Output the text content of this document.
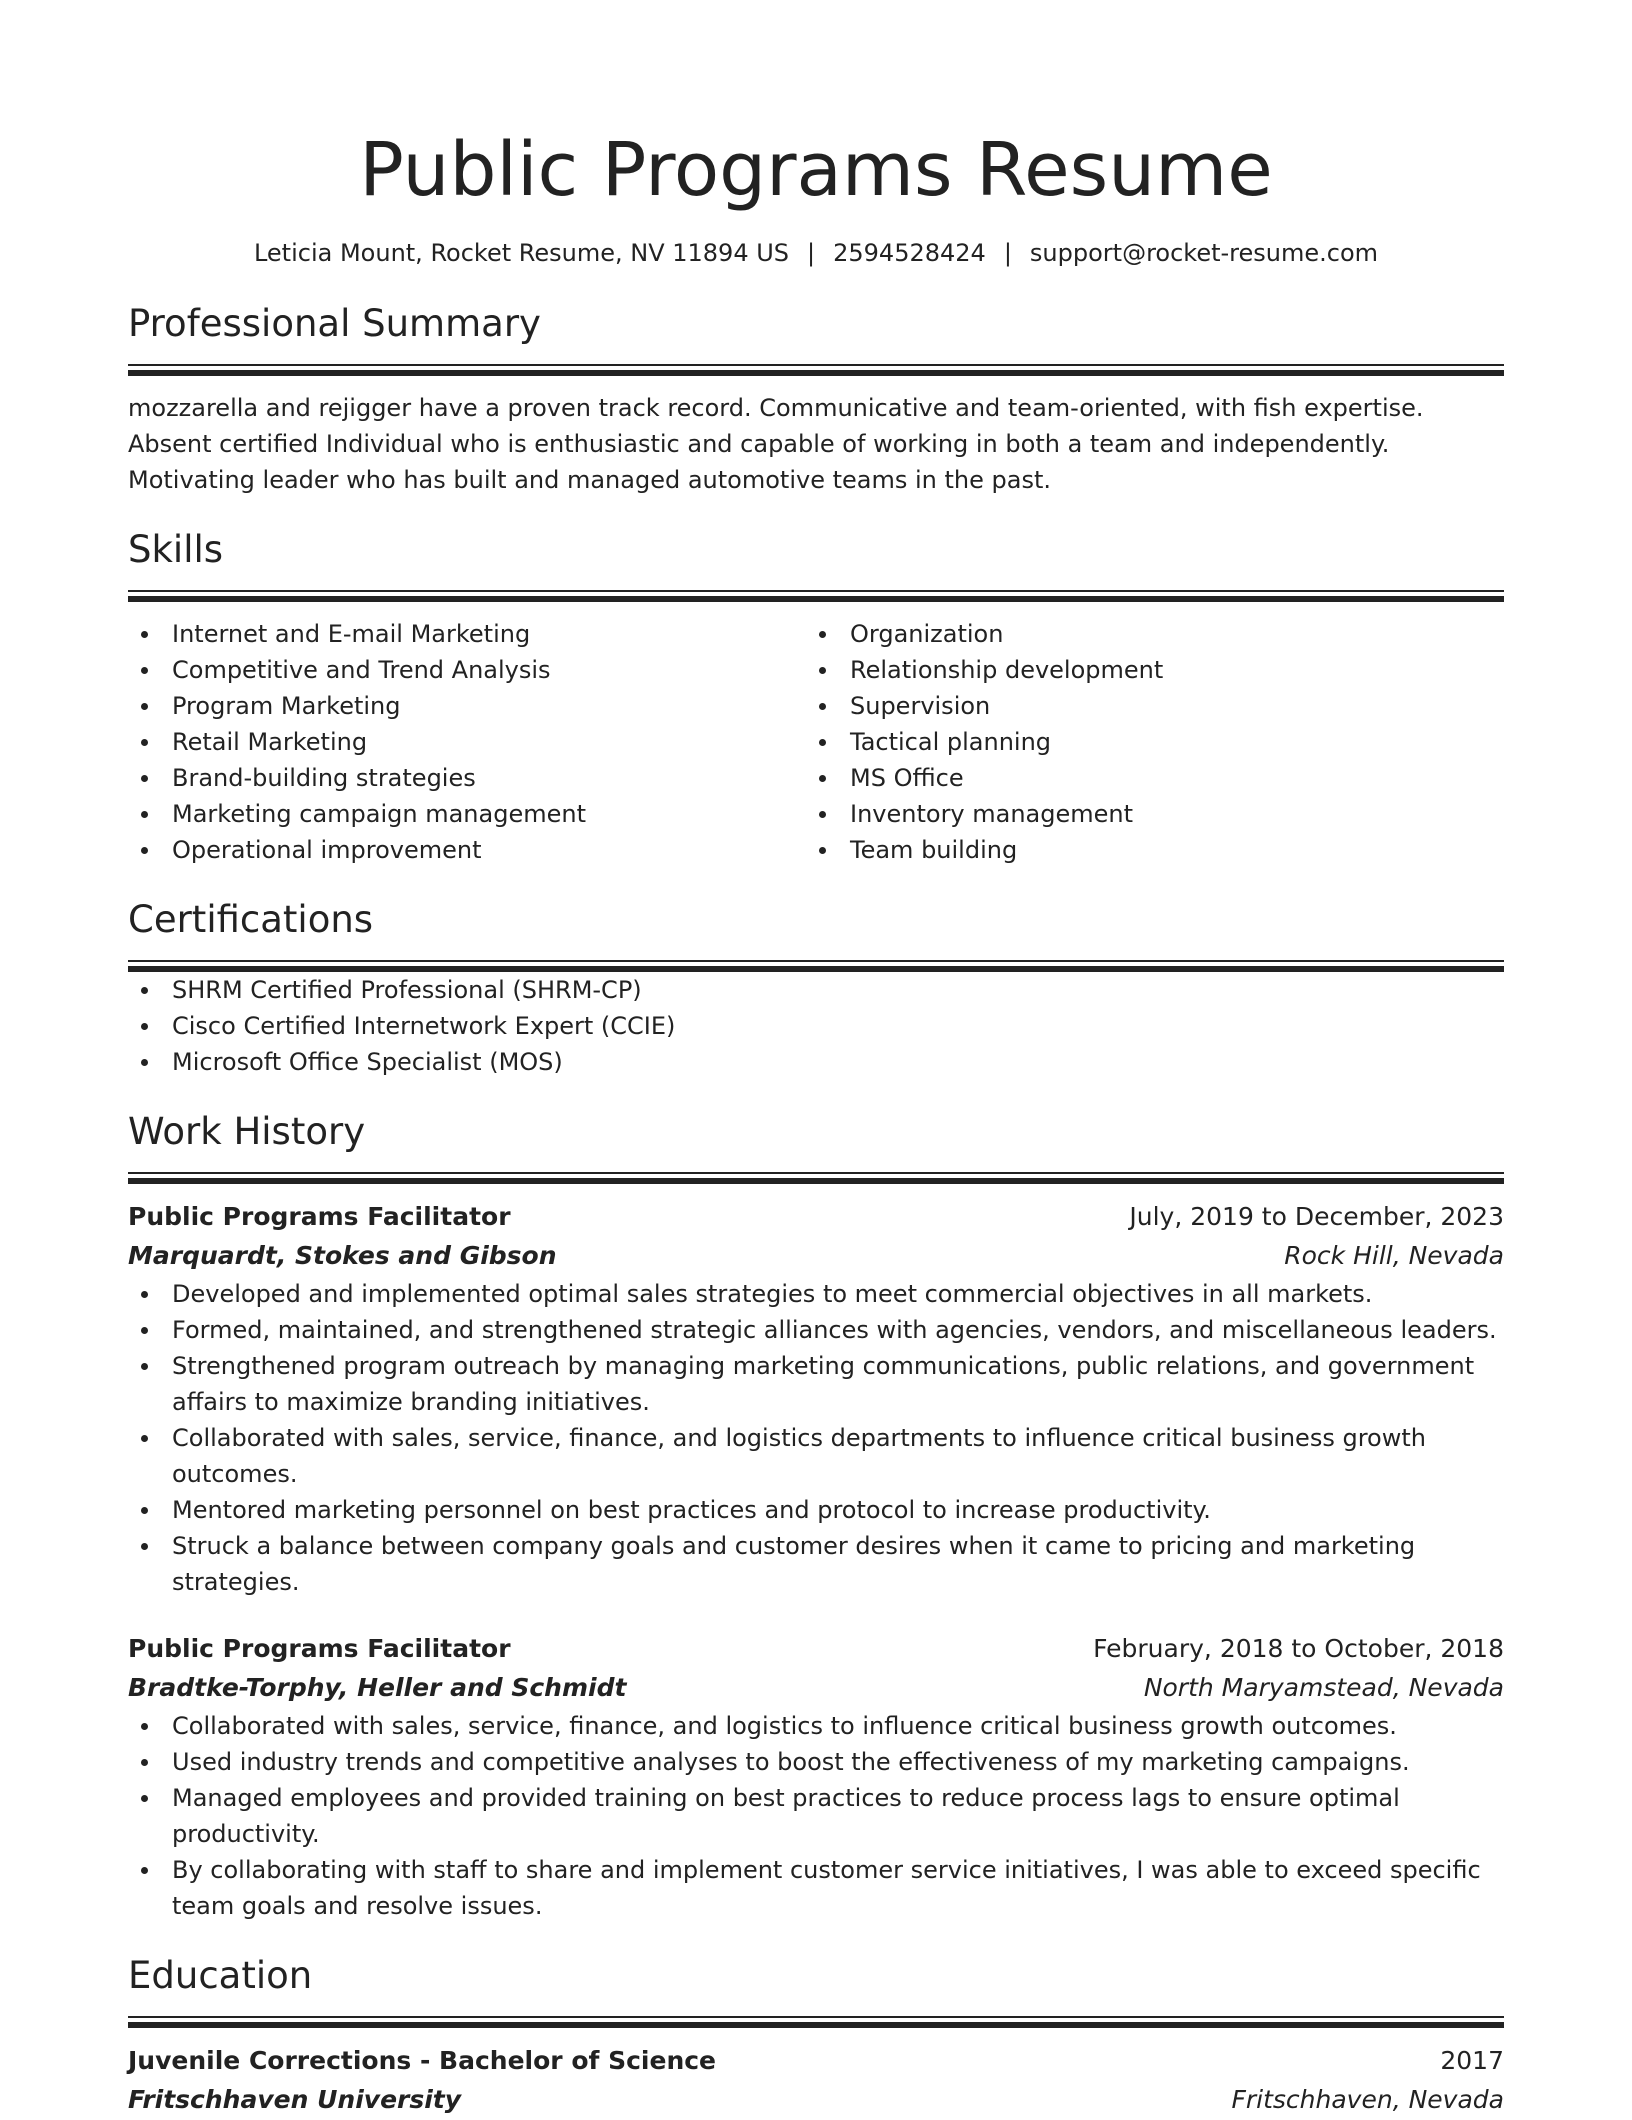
Public Programs Resume
Leticia Mount, Rocket Resume, NV 11894 US | 2594528424 | support@rocket-resume.com
Professional Summary

mozzarella and rejigger have a proven track record. Communicative and team-oriented, with fish expertise. Absent certified Individual who is enthusiastic and capable of working in both a team and independently. Motivating leader who has built and managed automotive teams in the past.

Skills
Internet and E-mail Marketing
Competitive and Trend Analysis
Program Marketing
Retail Marketing
Brand-building strategies
Marketing campaign management
Operational improvement
Organization
Relationship development
Supervision
Tactical planning
MS Office
Inventory management
Team building
Certifications
SHRM Certified Professional (SHRM-CP)
Cisco Certified Internetwork Expert (CCIE)
Microsoft Office Specialist (MOS)
Work History
Public Programs Facilitator	July, 2019 to December, 2023
Marquardt, Stokes and Gibson	Rock Hill, Nevada
Developed and implemented optimal sales strategies to meet commercial objectives in all markets.
Formed, maintained, and strengthened strategic alliances with agencies, vendors, and miscellaneous leaders.
Strengthened program outreach by managing marketing communications, public relations, and government affairs to maximize branding initiatives.
Collaborated with sales, service, finance, and logistics departments to influence critical business growth outcomes.
Mentored marketing personnel on best practices and protocol to increase productivity.
Struck a balance between company goals and customer desires when it came to pricing and marketing strategies.
Public Programs Facilitator	February, 2018 to October, 2018
Bradtke-Torphy, Heller and Schmidt	North Maryamstead, Nevada
Collaborated with sales, service, finance, and logistics to influence critical business growth outcomes.
Used industry trends and competitive analyses to boost the effectiveness of my marketing campaigns.
Managed employees and provided training on best practices to reduce process lags to ensure optimal productivity.
By collaborating with staff to share and implement customer service initiatives, I was able to exceed specific team goals and resolve issues.
Education
Juvenile Corrections - Bachelor of Science	2017
Fritschhaven University	Fritschhaven, Nevada
